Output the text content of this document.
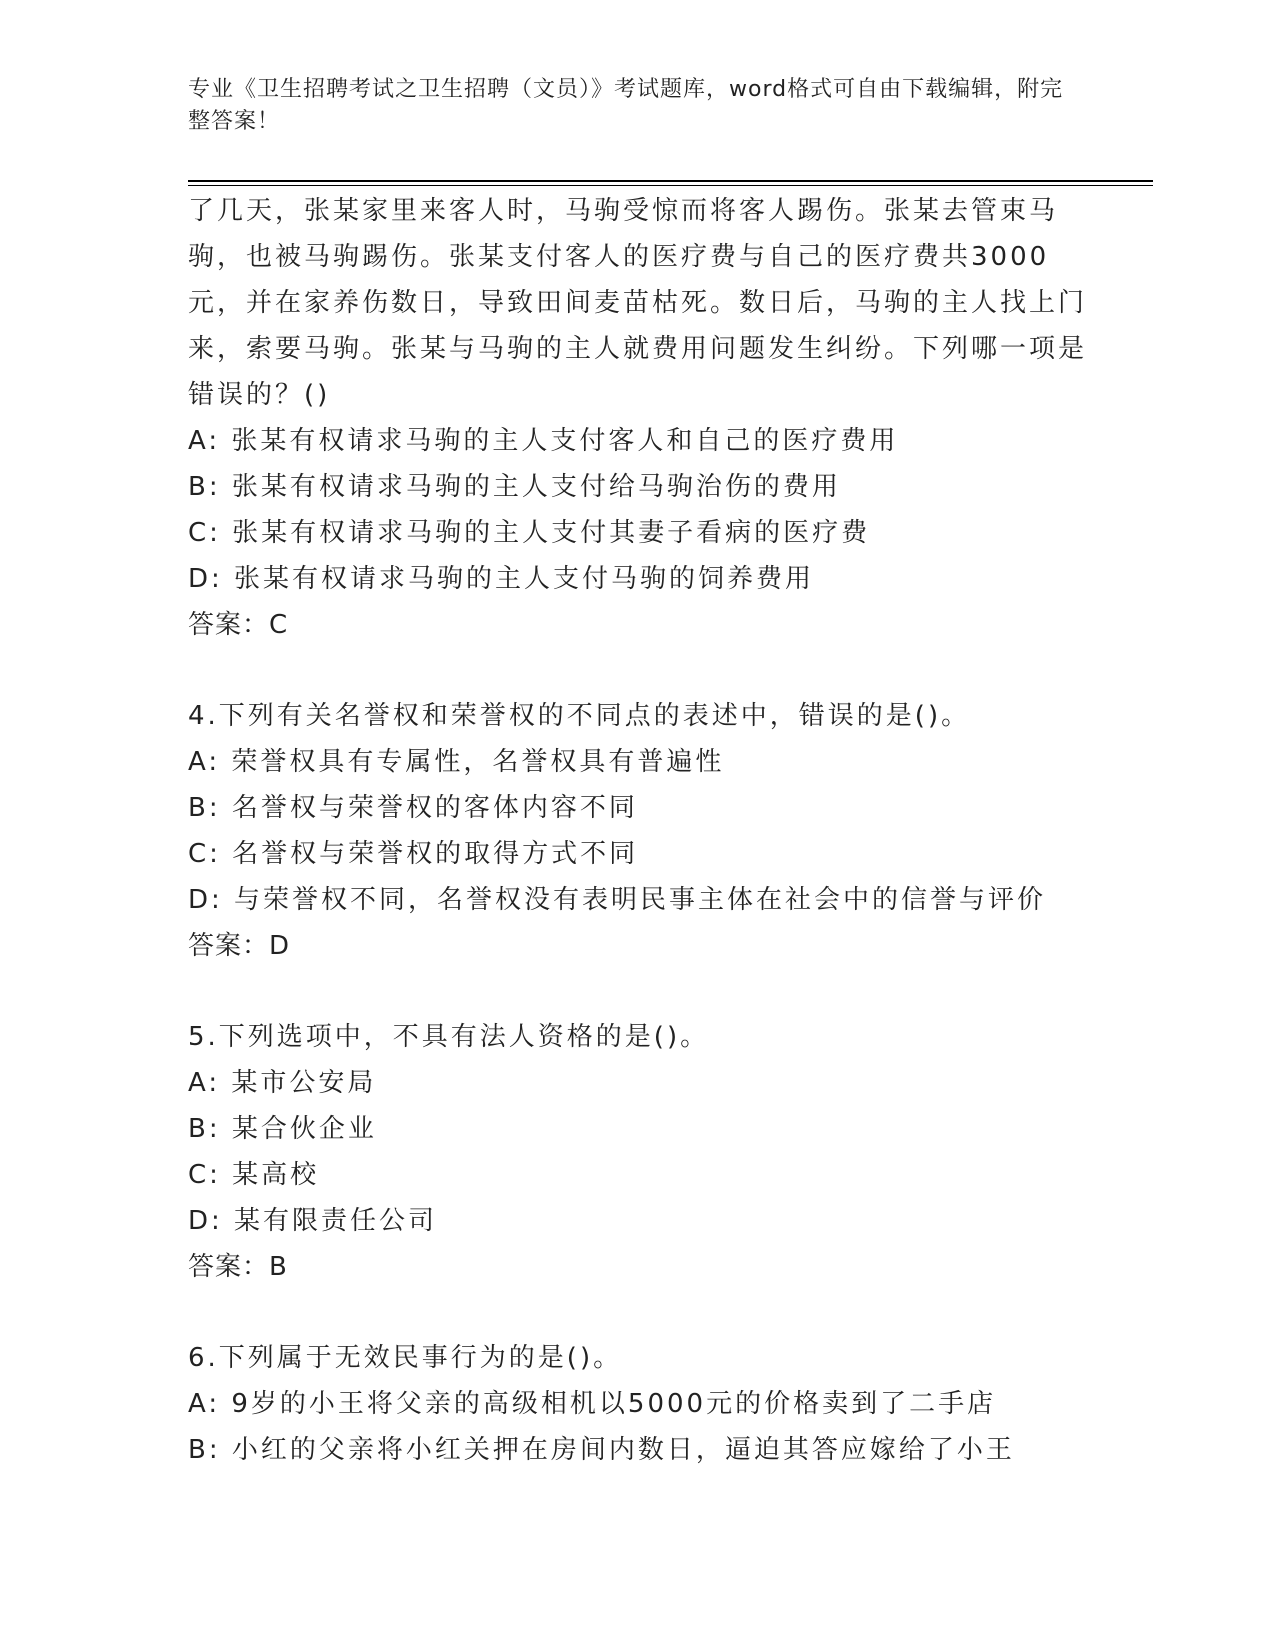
专业《卫生招聘考试之卫生招聘（文员）》考试题库，word格式可自由下载编辑，附完整答案！

了几天，张某家里来客人时，马驹受惊而将客人踢伤。张某去管束马驹，也被马驹踢伤。张某支付客人的医疗费与自己的医疗费共3000元，并在家养伤数日，导致田间麦苗枯死。数日后，马驹的主人找上门来，索要马驹。张某与马驹的主人就费用问题发生纠纷。下列哪一项是错误的？()

A: 张某有权请求马驹的主人支付客人和自己的医疗费用
B: 张某有权请求马驹的主人支付给马驹治伤的费用
C: 张某有权请求马驹的主人支付其妻子看病的医疗费
D: 张某有权请求马驹的主人支付马驹的饲养费用
答案：C
4.下列有关名誉权和荣誉权的不同点的表述中，错误的是()。
A: 荣誉权具有专属性，名誉权具有普遍性
B: 名誉权与荣誉权的客体内容不同
C: 名誉权与荣誉权的取得方式不同
D: 与荣誉权不同，名誉权没有表明民事主体在社会中的信誉与评价
答案：D
5.下列选项中，不具有法人资格的是()。
A: 某市公安局
B: 某合伙企业
C: 某高校
D: 某有限责任公司
答案：B
6.下列属于无效民事行为的是()。
A: 9岁的小王将父亲的高级相机以5000元的价格卖到了二手店
B: 小红的父亲将小红关押在房间内数日，逼迫其答应嫁给了小王
